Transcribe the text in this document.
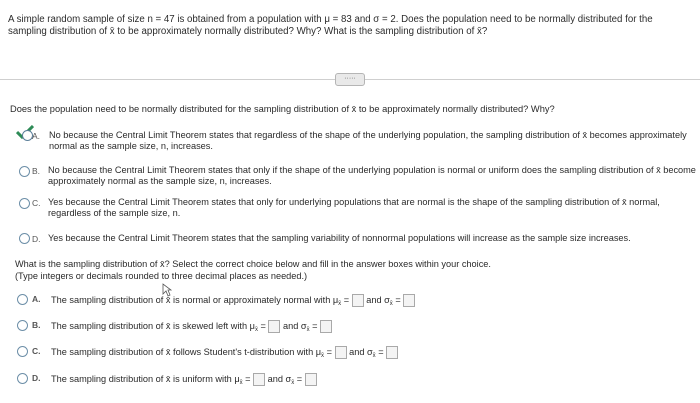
A simple random sample of size n = 47 is obtained from a population with μ = 83 and σ = 2. Does the population need to be normally distributed for the
sampling distribution of x̄ to be approximately normally distributed? Why? What is the sampling distribution of x̄?
·····
Does the population need to be normally distributed for the sampling distribution of x̄ to be approximately normally distributed? Why?
A. No because the Central Limit Theorem states that regardless of the shape of the underlying population, the sampling distribution of x̄ becomes approximately normal as the sample size, n, increases.
B. No because the Central Limit Theorem states that only if the shape of the underlying population is normal or uniform does the sampling distribution of x̄ become approximately normal as the sample size, n, increases.
C. Yes because the Central Limit Theorem states that only for underlying populations that are normal is the shape of the sampling distribution of x̄ normal, regardless of the sample size, n.
D. Yes because the Central Limit Theorem states that the sampling variability of nonnormal populations will increase as the sample size increases.
What is the sampling distribution of x̄? Select the correct choice below and fill in the answer boxes within your choice.
(Type integers or decimals rounded to three decimal places as needed.)
A. The sampling distribution of x̄ is normal or approximately normal with $\mu_{x̄}$ = and $\sigma_{x̄}$ =
B. The sampling distribution of x̄ is skewed left with $\mu_{x̄}$ = and $\sigma_{x̄}$ =
C. The sampling distribution of x̄ follows Student's t-distribution with $\mu_{x̄}$ = and $\sigma_{x̄}$ =
D. The sampling distribution of x̄ is uniform with $\mu_{x̄}$ = and $\sigma_{x̄}$ =
